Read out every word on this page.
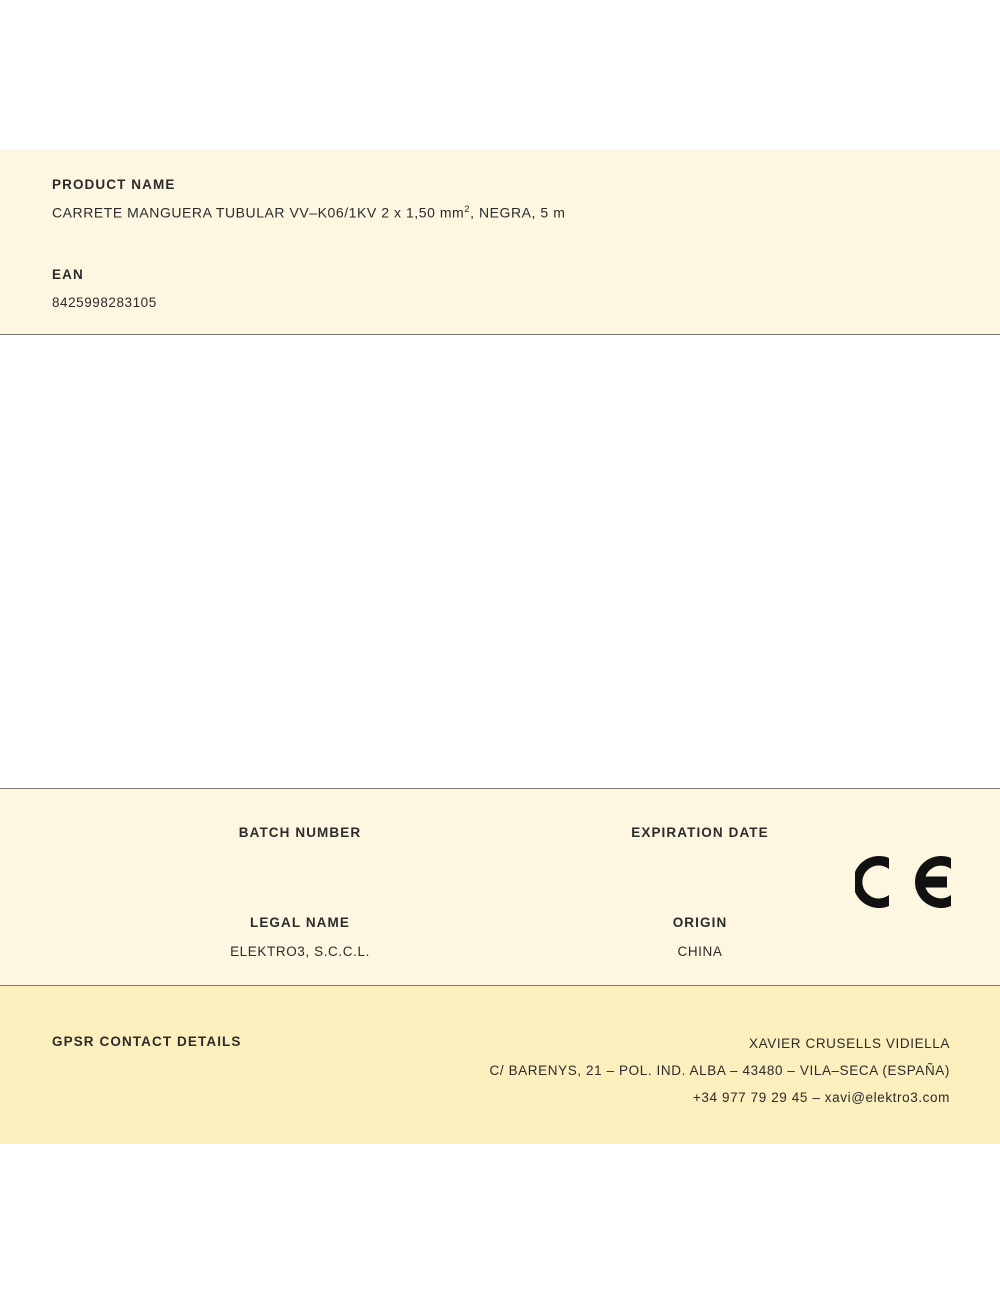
PRODUCT NAME
CARRETE MANGUERA TUBULAR VV–K06/1KV 2 x 1,50 $mm^2$, NEGRA, 5 m
EAN
8425998283105
BATCH NUMBER	EXPIRATION DATE
LEGAL NAME
ELEKTRO3, S.C.C.L.
ORIGIN
CHINA
GPSR CONTACT DETAILS	XAVIER CRUSELLS VIDIELLA
C/ BARENYS, 21 – POL. IND. ALBA – 43480 – VILA–SECA (ESPAÑA)
+34 977 79 29 45 – xavi@elektro3.com
